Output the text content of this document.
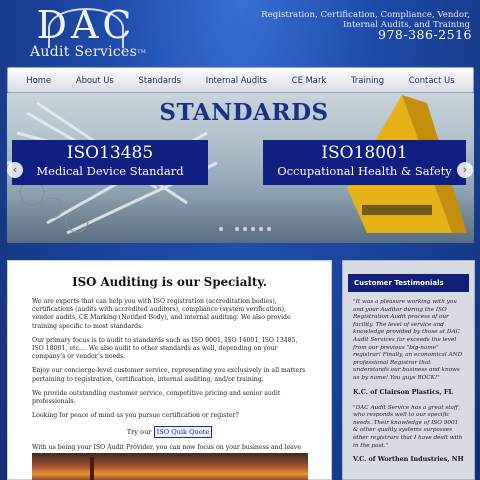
DAC
Audit Services™
Registration, Certification, Compliance, Vendor, Internal Audits, and Training
978-386-2516
Home	About Us	Standards	Internal Audits	CE Mark	Training	Contact Us
STANDARDS
ISO13485
Medical Device Standard
ISO18001
Occupational Health & Safety
‹	›
ISO Auditing is our Specialty.

We are experts that can help you with ISO registration (accreditation bodies), certifications (audits with accredited auditors), compliance (system verification), vendor audits, CE Marking (Notified Body), and internal auditing. We also provide training specific to most standards.

Our primary focus is to audit to standards such as ISO 9001, ISO 14001, ISO 13485, ISO 18001, etc.... We also audit to other standards as well, depending on your company’s or vendor’s needs.

Enjoy our concierge-level customer service, representing you exclusively in all matters pertaining to registration, certification, internal auditing, and/or training.

We provide outstanding customer service, competitive pricing and senior audit professionals.

Looking for peace of mind as you pursue certification or register?

Try our ISO Quik Quote

With us being your ISO Audit Provider, you can now focus on your business and leave

Customer Testimonials
"It was a pleasure working with you and your Auditor during the ISO Registration Audit process of our facility. The level of service and knowledge provided by those at DAC Audit Services far exceeds the level from our previous "big-name" registrar! Finally, an economical AND professional Registrar that understands our business and knows us by name! You guys ROCK!"
K.C. of Clairson Plastics, FL
"DAC Audit Service has a great staff, who responds well to our specific needs. Their knowledge of ISO 9001 & other quality systems surpasses other registrars that I have dealt with in the past."
V.C. of Worthen Industries, NH
